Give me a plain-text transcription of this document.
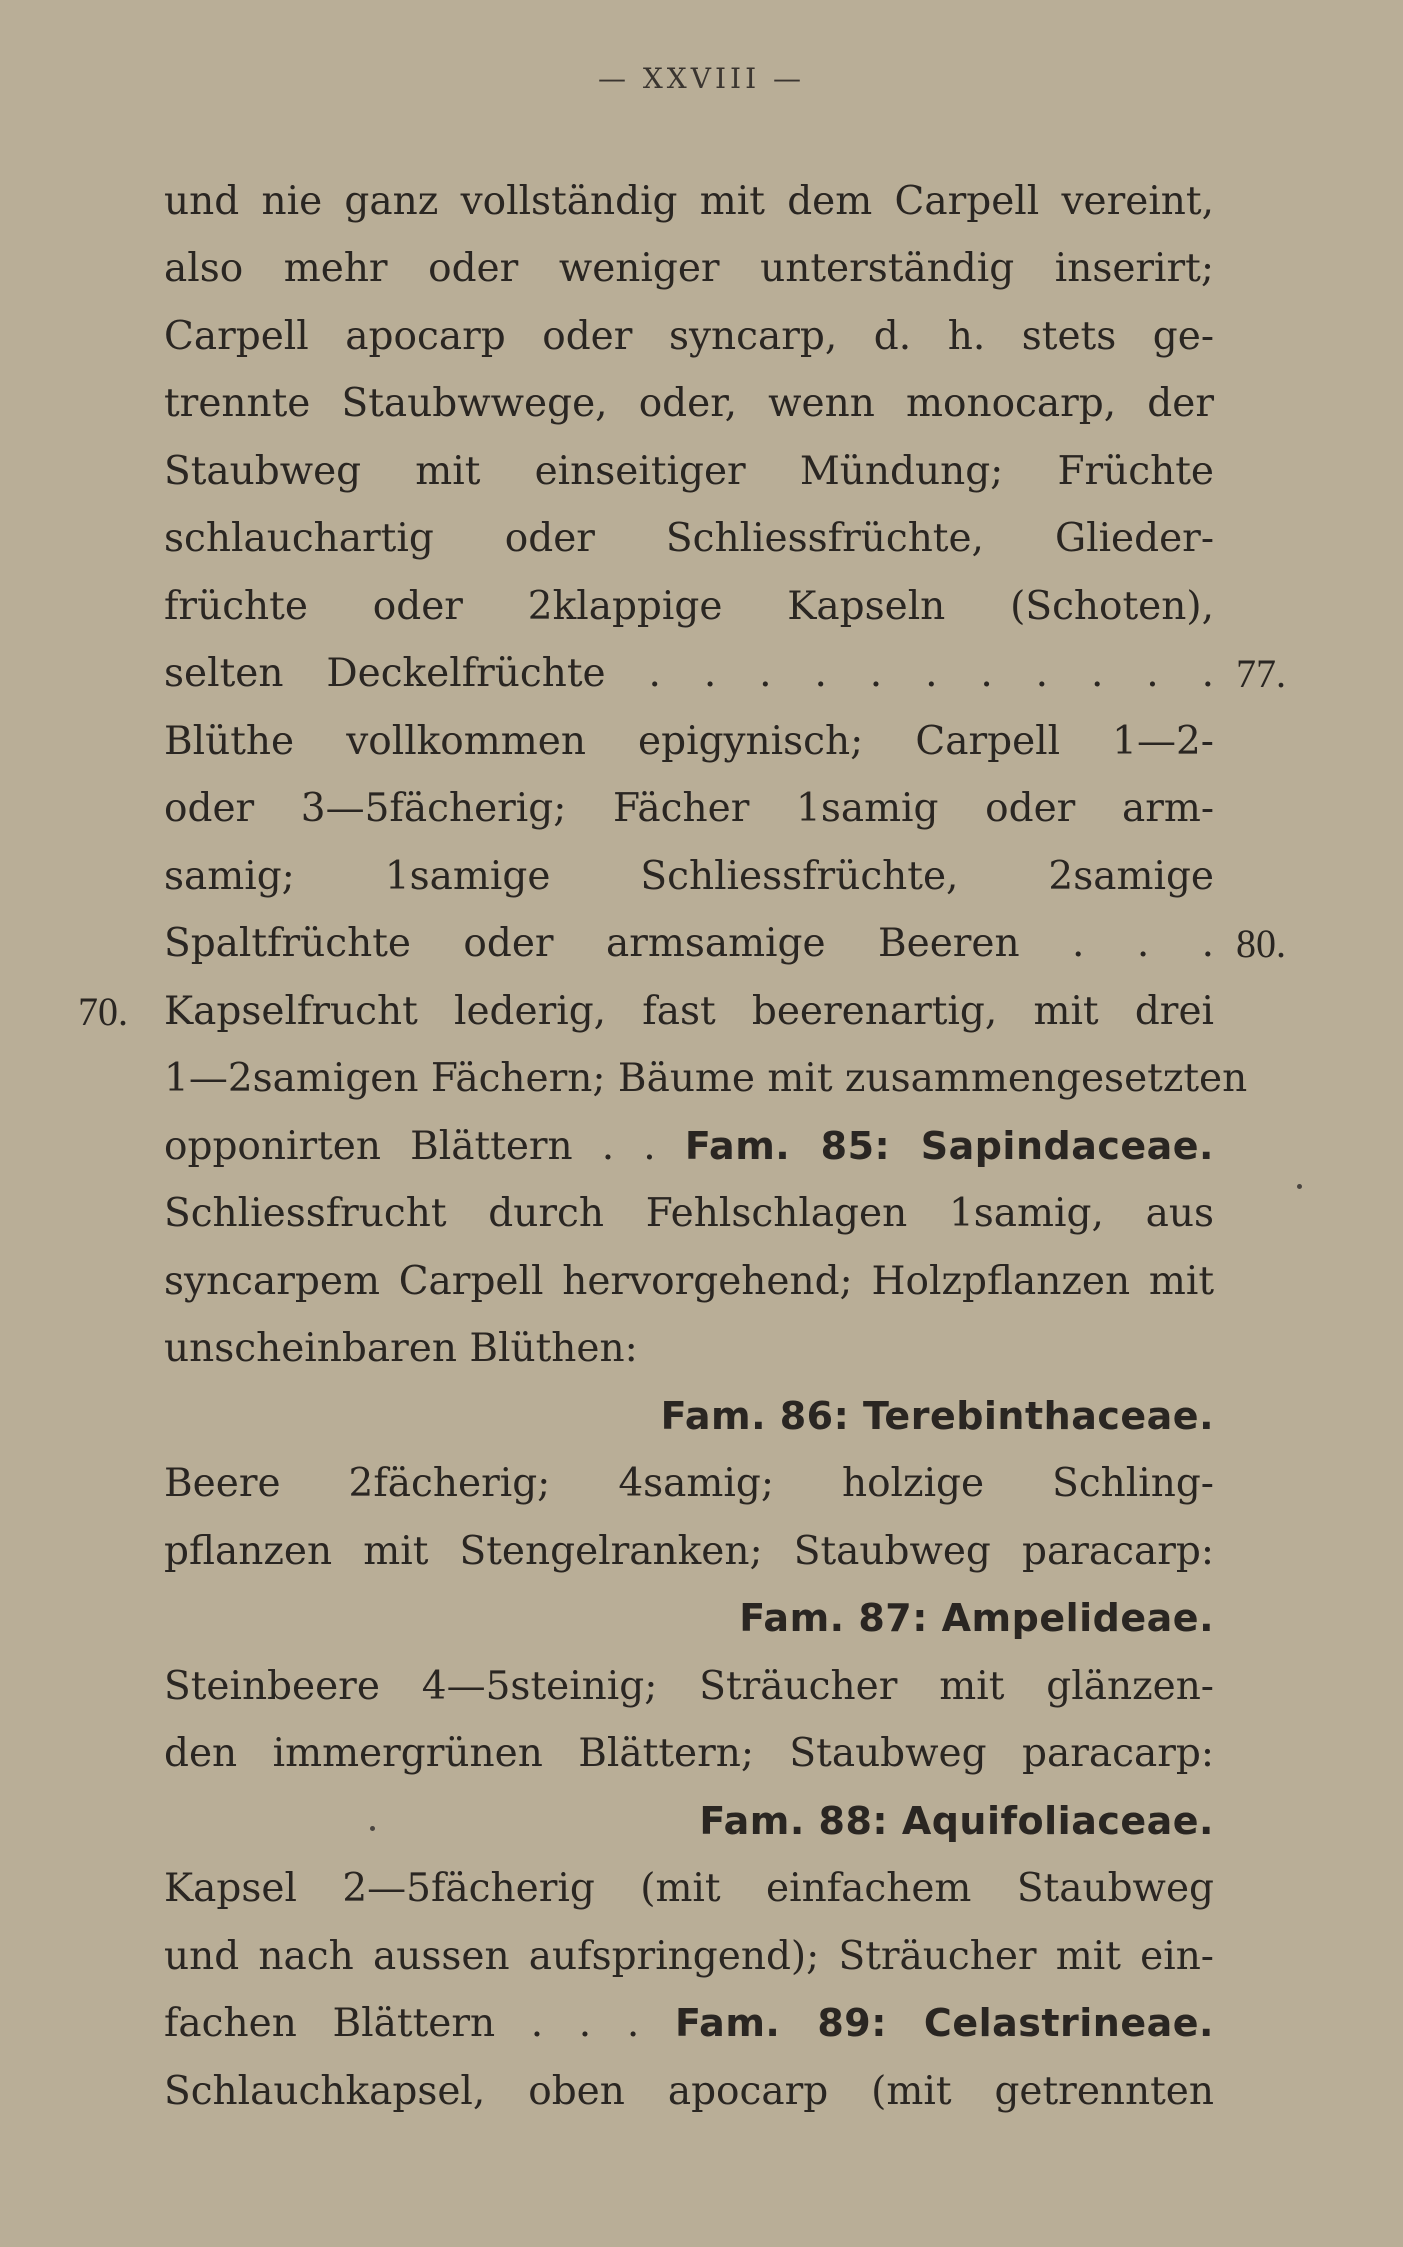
— XXVIII —
und nie ganz vollständig mit dem Carpell vereint,
also mehr oder weniger unterständig inserirt;
Carpell apocarp oder syncarp, d. h. stets ge-
trennte Staubwwege, oder, wenn monocarp, der
Staubweg mit einseitiger Mündung; Früchte
schlauchartig oder Schliessfrüchte, Glieder-
früchte oder 2klappige Kapseln (Schoten),
selten Deckelfrüchte . . . . . . . . . . . 77.
Blüthe vollkommen epigynisch; Carpell 1—2-
oder 3—5fächerig; Fächer 1samig oder arm-
samig; 1samige Schliessfrüchte, 2samige
Spaltfrüchte oder armsamige Beeren . . . 80.
70. Kapselfrucht lederig, fast beerenartig, mit drei
1—2samigen Fächern; Bäume mit zusammengesetzten
opponirten Blättern . . Fam. 85: Sapindaceae.
Schliessfrucht durch Fehlschlagen 1samig, aus
syncarpem Carpell hervorgehend; Holzpflanzen mit
unscheinbaren Blüthen:
Fam. 86: Terebinthaceae.
Beere 2fächerig; 4samig; holzige Schling-
pflanzen mit Stengelranken; Staubweg paracarp:
Fam. 87: Ampelideae.
Steinbeere 4—5steinig; Sträucher mit glänzen-
den immergrünen Blättern; Staubweg paracarp:
Fam. 88: Aquifoliaceae.
Kapsel 2—5fächerig (mit einfachem Staubweg
und nach aussen aufspringend); Sträucher mit ein-
fachen Blättern . . . Fam. 89: Celastrineae.
Schlauchkapsel, oben apocarp (mit getrennten
